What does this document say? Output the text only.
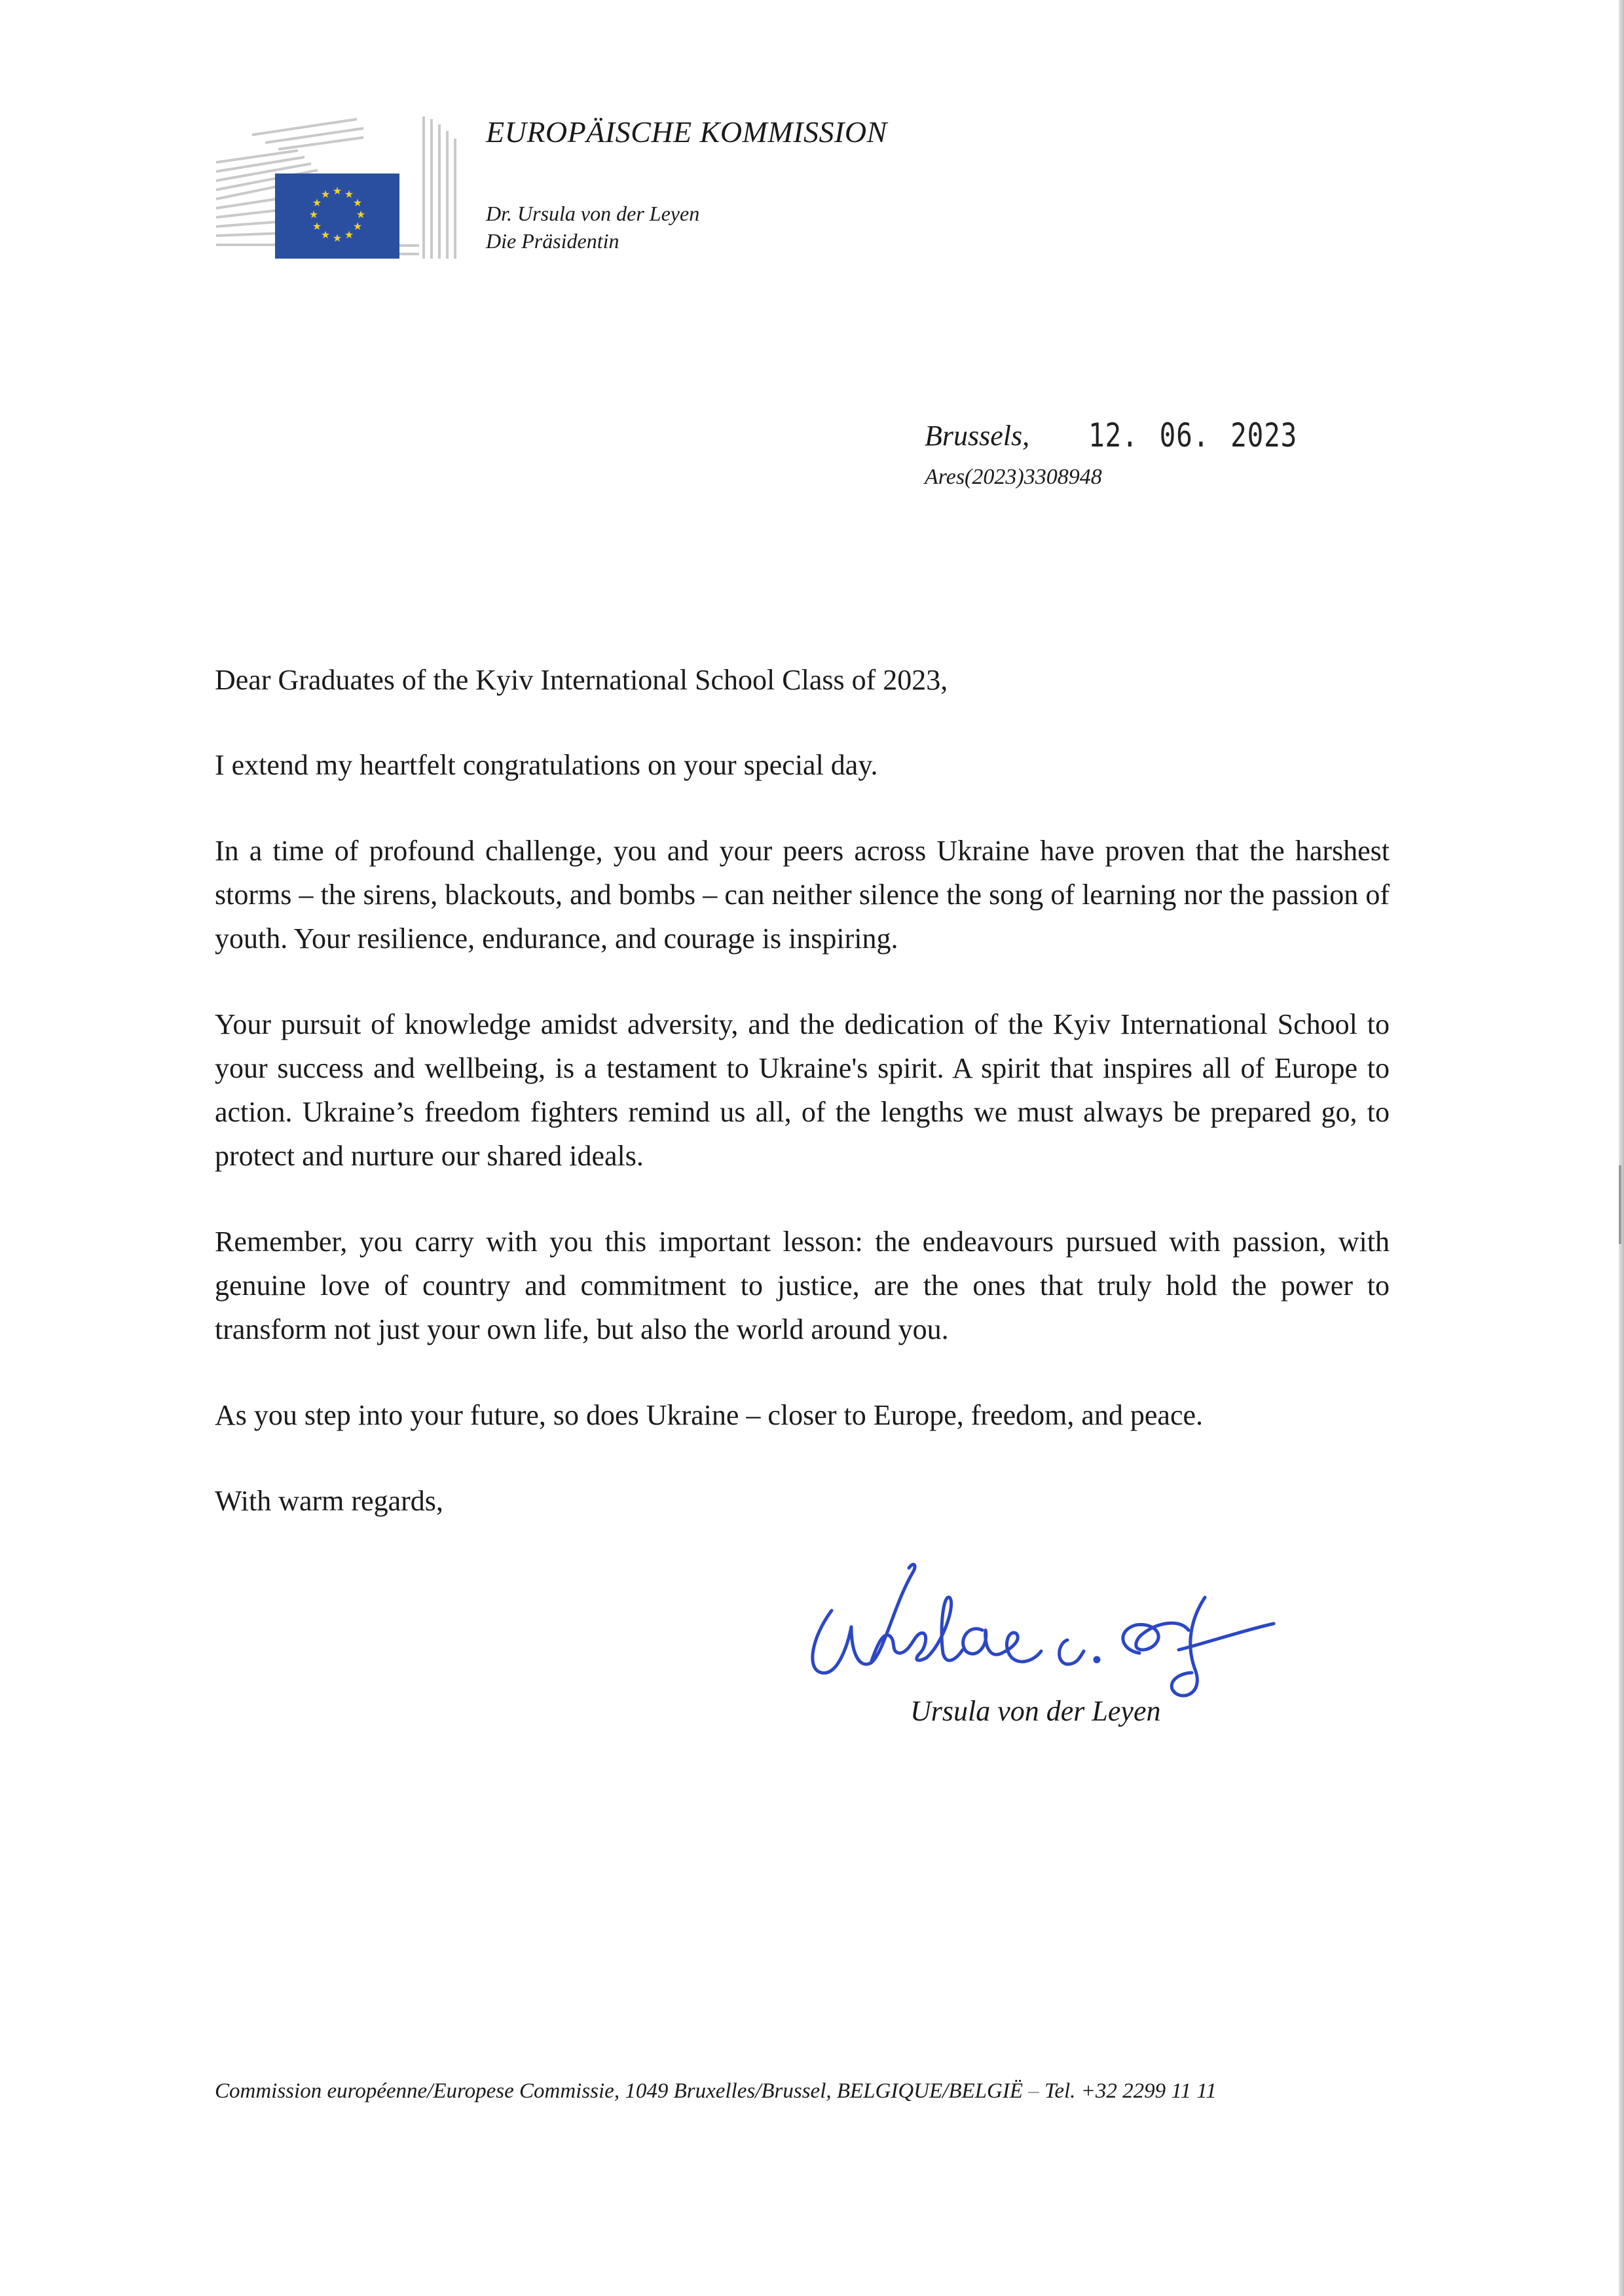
★ ★
★
★
★
★
★
★
★
★
★
★
EUROPÄISCHE KOMMISSION
Dr. Ursula von der Leyen
Die Präsidentin
Brussels, 12. 06. 2023
Ares(2023)3308948

Dear Graduates of the Kyiv International School Class of 2023,

I extend my heartfelt congratulations on your special day.

In a time of profound challenge, you and your peers across Ukraine have proven that the harshest storms – the sirens, blackouts, and bombs – can neither silence the song of learning nor the passion of youth. Your resilience, endurance, and courage is inspiring.

Your pursuit of knowledge amidst adversity, and the dedication of the Kyiv International School to your success and wellbeing, is a testament to Ukraine's spirit. A spirit that inspires all of Europe to action. Ukraine’s freedom fighters remind us all, of the lengths we must always be prepared go, to protect and nurture our shared ideals.

Remember, you carry with you this important lesson: the endeavours pursued with passion, with genuine love of country and commitment to justice, are the ones that truly hold the power to transform not just your own life, but also the world around you.

As you step into your future, so does Ukraine – closer to Europe, freedom, and peace.

With warm regards,

Ursula von der Leyen
Commission européenne/Europese Commissie, 1049 Bruxelles/Brussel, BELGIQUE/BELGIË – Tel. +32 2299 11 11
